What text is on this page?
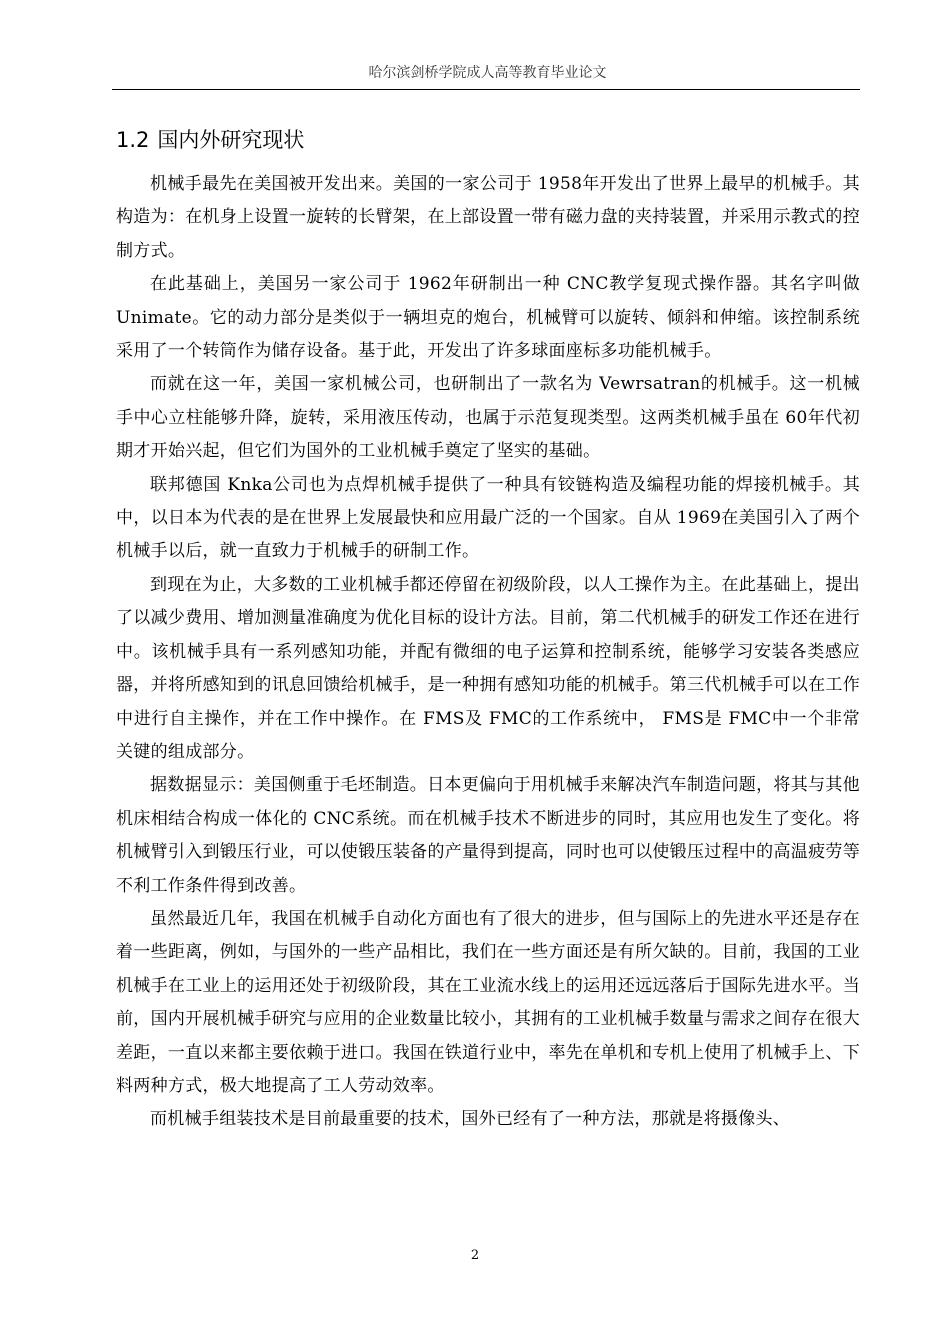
哈尔滨剑桥学院成人高等教育毕业论文
1.2 国内外研究现状

机械手最先在美国被开发出来。美国的一家公司于 1958年开发出了世界上最早的机械手。其构造为：在机身上设置一旋转的长臂架，在上部设置一带有磁力盘的夹持装置，并采用示教式的控制方式。

在此基础上，美国另一家公司于 1962年研制出一种 CNC教学复现式操作器。其名字叫做 Unimate。它的动力部分是类似于一辆坦克的炮台，机械臂可以旋转、倾斜和伸缩。该控制系统采用了一个转筒作为储存设备。基于此，开发出了许多球面座标多功能机械手。

而就在这一年，美国一家机械公司，也研制出了一款名为 Vewrsatran的机械手。这一机械手中心立柱能够升降，旋转，采用液压传动，也属于示范复现类型。这两类机械手虽在 60年代初期才开始兴起，但它们为国外的工业机械手奠定了坚实的基础。

联邦德国 Knka公司也为点焊机械手提供了一种具有铰链构造及编程功能的焊接机械手。其中，以日本为代表的是在世界上发展最快和应用最广泛的一个国家。自从 1969在美国引入了两个机械手以后，就一直致力于机械手的研制工作。

到现在为止，大多数的工业机械手都还停留在初级阶段，以人工操作为主。在此基础上，提出了以减少费用、增加测量准确度为优化目标的设计方法。目前，第二代机械手的研发工作还在进行中。该机械手具有一系列感知功能，并配有微细的电子运算和控制系统，能够学习安装各类感应器，并将所感知到的讯息回馈给机械手，是一种拥有感知功能的机械手。第三代机械手可以在工作中进行自主操作，并在工作中操作。在 FMS及 FMC的工作系统中， FMS是 FMC中一个非常关键的组成部分。

据数据显示：美国侧重于毛坯制造。日本更偏向于用机械手来解决汽车制造问题，将其与其他机床相结合构成一体化的 CNC系统。而在机械手技术不断进步的同时，其应用也发生了变化。将机械臂引入到锻压行业，可以使锻压装备的产量得到提高，同时也可以使锻压过程中的高温疲劳等不利工作条件得到改善。

虽然最近几年，我国在机械手自动化方面也有了很大的进步，但与国际上的先进水平还是存在着一些距离，例如，与国外的一些产品相比，我们在一些方面还是有所欠缺的。目前，我国的工业机械手在工业上的运用还处于初级阶段，其在工业流水线上的运用还远远落后于国际先进水平。当前，国内开展机械手研究与应用的企业数量比较小，其拥有的工业机械手数量与需求之间存在很大差距，一直以来都主要依赖于进口。我国在铁道行业中，率先在单机和专机上使用了机械手上、下料两种方式，极大地提高了工人劳动效率。

而机械手组装技术是目前最重要的技术，国外已经有了一种方法，那就是将摄像头、

2
